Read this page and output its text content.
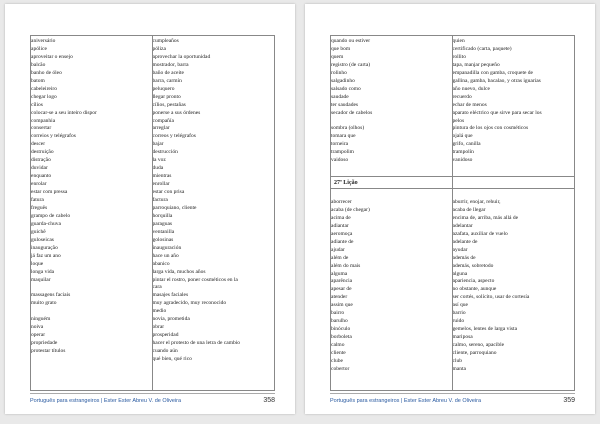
aniversário
apólice
aproveitar o ensejo
balcão
banho de óleo
batom
cabeleireiro
chegar logo
cílios
colocar-se a seu inteiro dispor
companhia
consertar
correios y telégrafos
descer
destruição
distração
duvidar
enquanto
enrolar
estar com pressa
fatura
freguês
grampo de cabelo
guarda-chuva
guichê
guloseicas
inauguração
já faz um ano
loque
longa vida
maquilar
massagens faciais
muito grato
ninguém
noiva
operar
propriedade
protestar títulos
cumpleaños
póliza
aprovechar la oportunidad
mostrador, barra
baño de aceite
barra, carmín
peluquero
llegar pronto
cílios, pestañas
ponerse a sus órdenes
compañía
arreglar
correos y telégrafos
bajar
destrucción
la voz
duda
mientras
enrollar
estar con prisa
factura
parroquiano, cliente
horquilla
paraguas
ventanilla
golosinas
inauguración
hace un año
abanico
larga vida, muchos años
pintar el rostro, poner cosméticos en la
cara
masajes faciales
muy agradecido, muy reconocido
medio
novia, prometida
obrar
prosperidad
hacer el protesto de una letra de cambio
cuando aún
qué bien, qué rico
Português para estrangeiros | Ester Ester Abreu V. de Oliveira	358
quando ou estiver
que bom
quem
registro (de carta)
rolinho
salgadinho
salsado como
saudade
ter saudades
secador de cabelos
sombra (olhos)
tomara que
torneira
trampolim
vaidoso
27ª Lição
aborrecer
acaba (de chegar)
acima de
adiantar
aeromoça
adiante de
ajudar
além de
além do mais
alguma
aparência
apesar de
atender
assim que
bairro
barulho
binóculo
borboleta
calmo
cliente
clube
cobertor
quien
certificado (carta, paquete)
rollito
tapa, manjar pequeño
empanadilla con gamba, croquete de
gallina, gamba, bacalao, y otras iguarias
año nuevo, dulce
recuerdo
echar de menos
aparato eléctrico que sirve para secar los
pelos
pintura de los ojos con cosméticos
ojalá que
grifo, canilla
trampolín
vanidoso
aburrir, enojar, rehuir,
acaba de llegar
encima de, arriba, más allá de
adelantar
azafata, auxiliar de vuelo
adelante de
ayudar
además de
además, sobretodo
alguna
apariencia, aspecto
no obstante, aunque
ser cortés, solícito, usar de cortesía
así que
barrio
ruido
gemelos, lentes de larga vista
mariposa
calmo, sereno, apacible
cliente, parroquiano
club
manta
Português para estrangeiros | Ester Ester Abreu V. de Oliveira	359
